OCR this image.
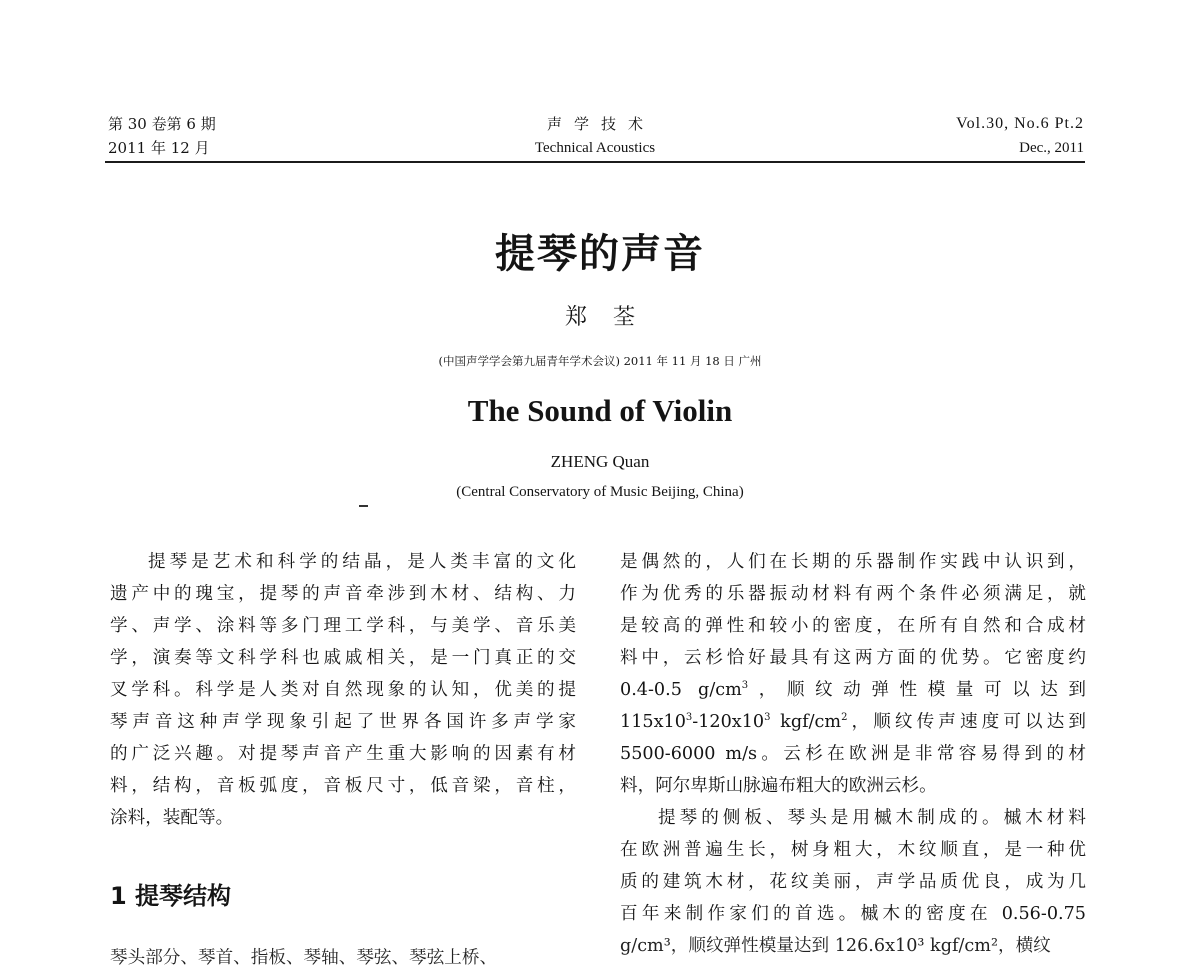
第 30 卷第 6 期
2011 年 12 月
声学技术
Technical Acoustics
Vol.30, No.6 Pt.2
Dec., 2011
提琴的声音
郑荃
(中国声学学会第九届青年学术会议) 2011 年 11 月 18 日 广州
The Sound of Violin
ZHENG Quan
(Central Conservatory of Music Beijing, China)
提琴是艺术和科学的结晶，是人类丰富的文化
遗产中的瑰宝，提琴的声音牵涉到木材、结构、力
学、声学、涂料等多门理工学科，与美学、音乐美
学，演奏等文科学科也戚戚相关，是一门真正的交
叉学科。科学是人类对自然现象的认知，优美的提
琴声音这种声学现象引起了世界各国许多声学家
的广泛兴趣。对提琴声音产生重大影响的因素有材
料，结构，音板弧度，音板尺寸，低音梁，音柱，
涂料，装配等。
1 提琴结构
琴头部分、琴首、指板、琴轴、琴弦、琴弦上桥、
是偶然的，人们在长期的乐器制作实践中认识到，
作为优秀的乐器振动材料有两个条件必须满足，就
是较高的弹性和较小的密度，在所有自然和合成材
料中，云杉恰好最具有这两方面的优势。它密度约
0.4-0.5 $g/cm^3$，顺纹动弹性模量可以达到
$115x10^3-120x10^3$ kgf/$cm^2$，顺纹传声速度可以达到
5500-6000 m/s。云杉在欧洲是非常容易得到的材
料，阿尔卑斯山脉遍布粗大的欧洲云杉。
提琴的侧板、琴头是用槭木制成的。槭木材料
在欧洲普遍生长，树身粗大，木纹顺直，是一种优
质的建筑木材，花纹美丽，声学品质优良，成为几
百年来制作家们的首选。槭木的密度在 0.56-0.75
g/cm³，顺纹弹性模量达到 126.6x10³ kgf/cm²，横纹
